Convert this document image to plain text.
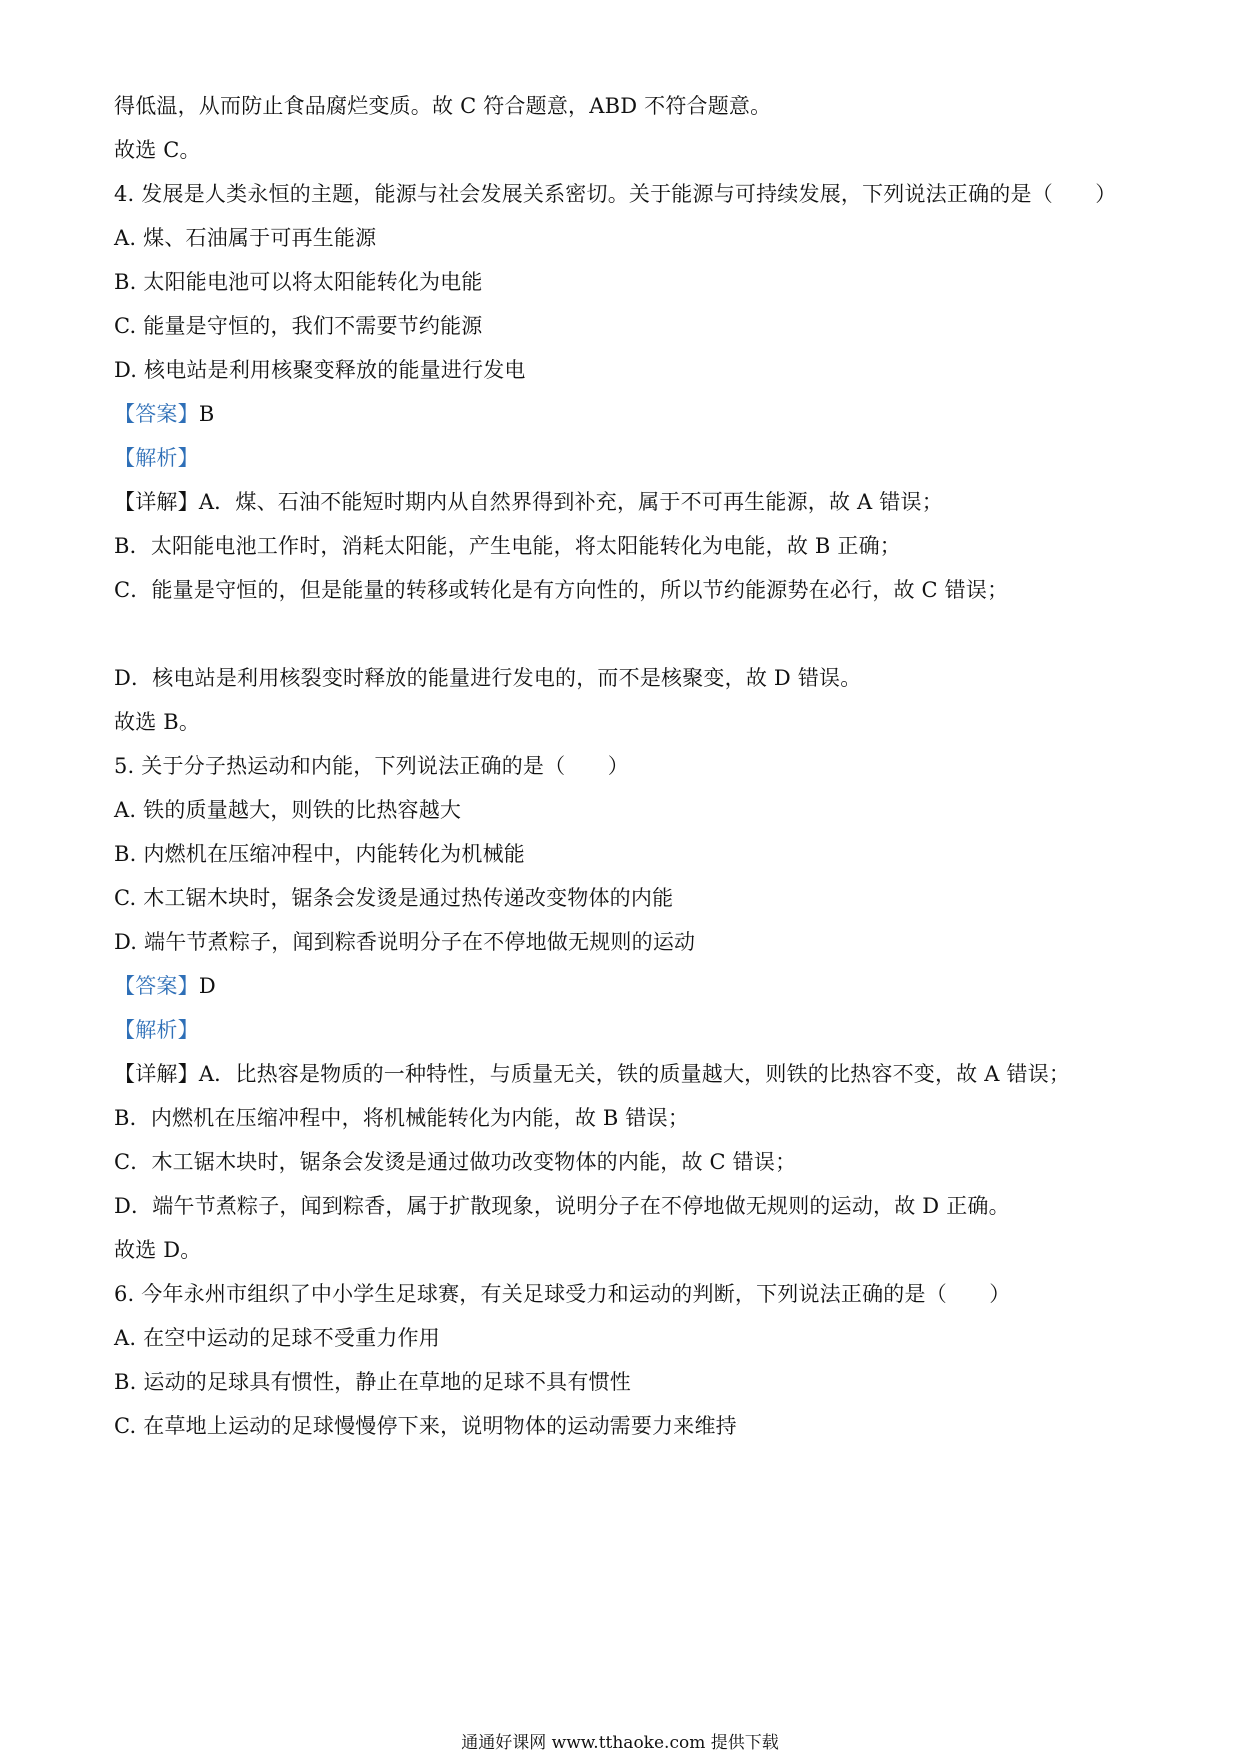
得低温，从而防止食品腐烂变质。故 C 符合题意，ABD 不符合题意。
故选 C。
4. 发展是人类永恒的主题，能源与社会发展关系密切。关于能源与可持续发展，下列说法正确的是（　　）
A. 煤、石油属于可再生能源
B. 太阳能电池可以将太阳能转化为电能
C. 能量是守恒的，我们不需要节约能源
D. 核电站是利用核聚变释放的能量进行发电
【答案】B
【解析】
【详解】A．煤、石油不能短时期内从自然界得到补充，属于不可再生能源，故 A 错误；
B．太阳能电池工作时，消耗太阳能，产生电能，将太阳能转化为电能，故 B 正确；
C．能量是守恒的，但是能量的转移或转化是有方向性的，所以节约能源势在必行，故 C 错误；
D．核电站是利用核裂变时释放的能量进行发电的，而不是核聚变，故 D 错误。
故选 B。
5. 关于分子热运动和内能，下列说法正确的是（　　）
A. 铁的质量越大，则铁的比热容越大
B. 内燃机在压缩冲程中，内能转化为机械能
C. 木工锯木块时，锯条会发烫是通过热传递改变物体的内能
D. 端午节煮粽子，闻到粽香说明分子在不停地做无规则的运动
【答案】D
【解析】
【详解】A．比热容是物质的一种特性，与质量无关，铁的质量越大，则铁的比热容不变，故 A 错误；
B．内燃机在压缩冲程中，将机械能转化为内能，故 B 错误；
C．木工锯木块时，锯条会发烫是通过做功改变物体的内能，故 C 错误；
D．端午节煮粽子，闻到粽香，属于扩散现象，说明分子在不停地做无规则的运动，故 D 正确。
故选 D。
6. 今年永州市组织了中小学生足球赛，有关足球受力和运动的判断，下列说法正确的是（　　）
A. 在空中运动的足球不受重力作用
B. 运动的足球具有惯性，静止在草地的足球不具有惯性
C. 在草地上运动的足球慢慢停下来，说明物体的运动需要力来维持
通通好课网 www.tthaoke.com 提供下载
